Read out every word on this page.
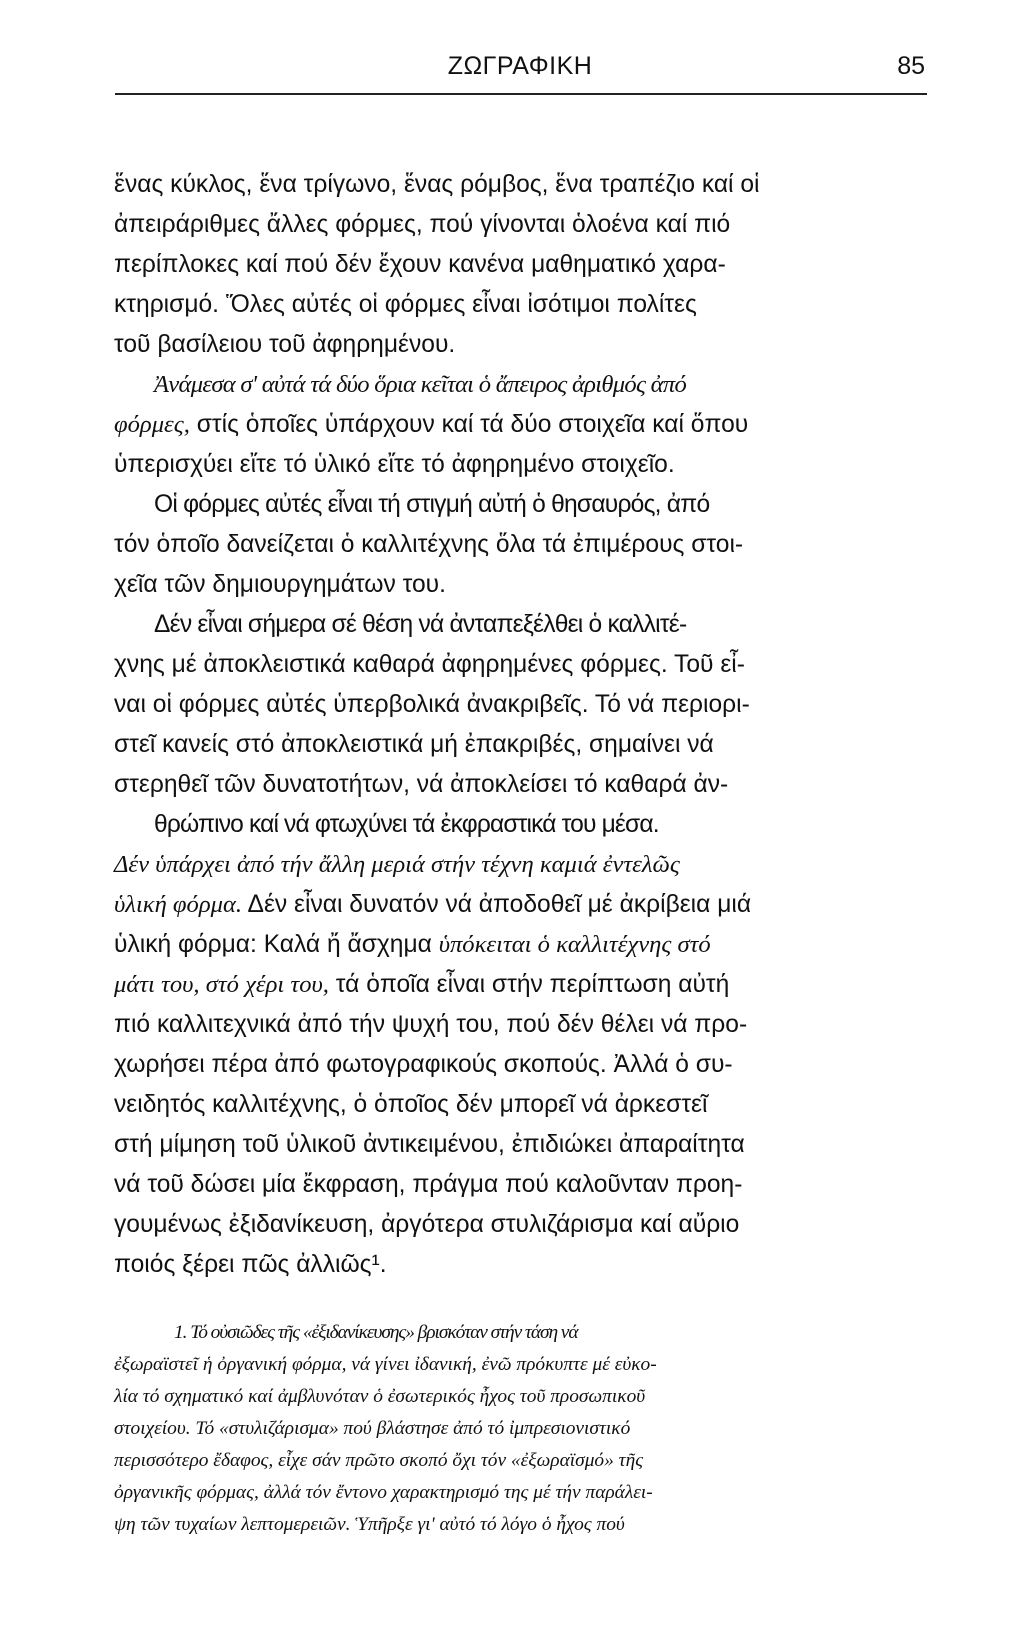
ΖΩΓΡΑΦΙΚΗ	85
ἕνας κύκλος, ἕνα τρίγωνο, ἕνας ρόμβος, ἕνα τραπέζιο καί οἱ
ἀπειράριθμες ἄλλες φόρμες, πού γίνονται ὁλοένα καί πιό
περίπλοκες καί πού δέν ἔχουν κανένα μαθηματικό χαρα-
κτηρισμό. Ὅλες αὐτές οἱ φόρμες εἶναι ἰσότιμοι πολίτες
τοῦ βασίλειου τοῦ ἀφηρημένου.
Ἀνάμεσα σ' αὐτά τά δύο ὅρια κεῖται ὁ ἄπειρος ἀριθμός ἀπό
φόρμες, στίς ὁποῖες ὑπάρχουν καί τά δύο στοιχεῖα καί ὅπου
ὑπερισχύει εἴτε τό ὑλικό εἴτε τό ἀφηρημένο στοιχεῖο.
Οἱ φόρμες αὐτές εἶναι τή στιγμή αὐτή ὁ θησαυρός, ἀπό
τόν ὁποῖο δανείζεται ὁ καλλιτέχνης ὅλα τά ἐπιμέρους στοι-
χεῖα τῶν δημιουργημάτων του.
Δέν εἶναι σήμερα σέ θέση νά ἀνταπεξέλθει ὁ καλλιτέ-
χνης μέ ἀποκλειστικά καθαρά ἀφηρημένες φόρμες. Τοῦ εἶ-
ναι οἱ φόρμες αὐτές ὑπερβολικά ἀνακριβεῖς. Τό νά περιορι-
στεῖ κανείς στό ἀποκλειστικά μή ἐπακριβές, σημαίνει νά
στερηθεῖ τῶν δυνατοτήτων, νά ἀποκλείσει τό καθαρά ἀν-
θρώπινο καί νά φτωχύνει τά ἐκφραστικά του μέσα.
Δέν ὑπάρχει ἀπό τήν ἄλλη μεριά στήν τέχνη καμιά ἐντελῶς
ὑλική φόρμα. Δέν εἶναι δυνατόν νά ἀποδοθεῖ μέ ἀκρίβεια μιά
ὑλική φόρμα: Καλά ἤ ἄσχημα ὑπόκειται ὁ καλλιτέχνης στό
μάτι του, στό χέρι του, τά ὁποῖα εἶναι στήν περίπτωση αὐτή
πιό καλλιτεχνικά ἀπό τήν ψυχή του, πού δέν θέλει νά προ-
χωρήσει πέρα ἀπό φωτογραφικούς σκοπούς. Ἀλλά ὁ συ-
νειδητός καλλιτέχνης, ὁ ὁποῖος δέν μπορεῖ νά ἀρκεστεῖ
στή μίμηση τοῦ ὑλικοῦ ἀντικειμένου, ἐπιδιώκει ἀπαραίτητα
νά τοῦ δώσει μία ἔκφραση, πράγμα πού καλοῦνταν προη-
γουμένως ἐξιδανίκευση, ἀργότερα στυλιζάρισμα καί αὔριο
ποιός ξέρει πῶς ἀλλιῶς¹.
1. Τό οὐσιῶδες τῆς «ἐξιδανίκευσης» βρισκόταν στήν τάση νά
ἐξωραϊστεῖ ἡ ὀργανική φόρμα, νά γίνει ἰδανική, ἐνῶ πρόκυπτε μέ εὐκο-
λία τό σχηματικό καί ἀμβλυνόταν ὁ ἐσωτερικός ἦχος τοῦ προσωπικοῦ
στοιχείου. Τό «στυλιζάρισμα» πού βλάστησε ἀπό τό ἰμπρεσιονιστικό
περισσότερο ἔδαφος, εἶχε σάν πρῶτο σκοπό ὄχι τόν «ἐξωραϊσμό» τῆς
ὀργανικῆς φόρμας, ἀλλά τόν ἔντονο χαρακτηρισμό της μέ τήν παράλει-
ψη τῶν τυχαίων λεπτομερειῶν. Ὑπῆρξε γι' αὐτό τό λόγο ὁ ἦχος πού
